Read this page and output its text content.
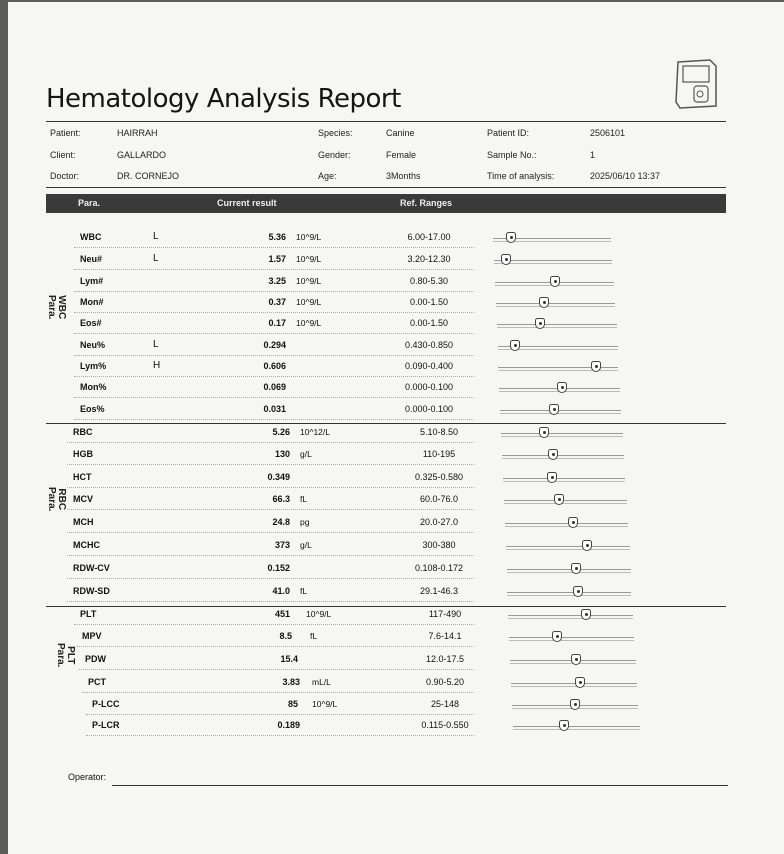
Hematology Analysis Report
Patient:	HAIRRAH
Client:	GALLARDO
Doctor:	DR. CORNEJO
Species:	Canine
Gender:	Female
Age:	3Months
Patient ID:	2506101
Sample No.:	1
Time of analysis:	2025/06/10 13:37
Para.	Current result	Ref. Ranges
WBC
Para.
RBC
Para.
PLT
Para.
WBC	L	5.36 10^9/L	6.00-17.00
Neu#	L	1.57 10^9/L	3.20-12.30
Lym#	3.25 10^9/L	0.80-5.30
Mon#	0.37 10^9/L	0.00-1.50
Eos#	0.17 10^9/L	0.00-1.50
Neu%	L	0.294	0.430-0.850
Lym%	H	0.606	0.090-0.400
Mon%	0.069	0.000-0.100
Eos%	0.031	0.000-0.100
RBC	5.26 10^12/L	5.10-8.50
HGB	130 g/L	110-195
HCT	0.349	0.325-0.580
MCV	66.3 fL	60.0-76.0
MCH	24.8 pg	20.0-27.0
MCHC	373 g/L	300-380
RDW-CV	0.152	0.108-0.172
RDW-SD	41.0 fL	29.1-46.3
PLT	451 10^9/L	117-490
MPV	8.5 fL	7.6-14.1
PDW	15.4	12.0-17.5
PCT	3.83 mL/L	0.90-5.20
P-LCC	85 10^9/L	25-148
P-LCR	0.189	0.115-0.550
Operator:
